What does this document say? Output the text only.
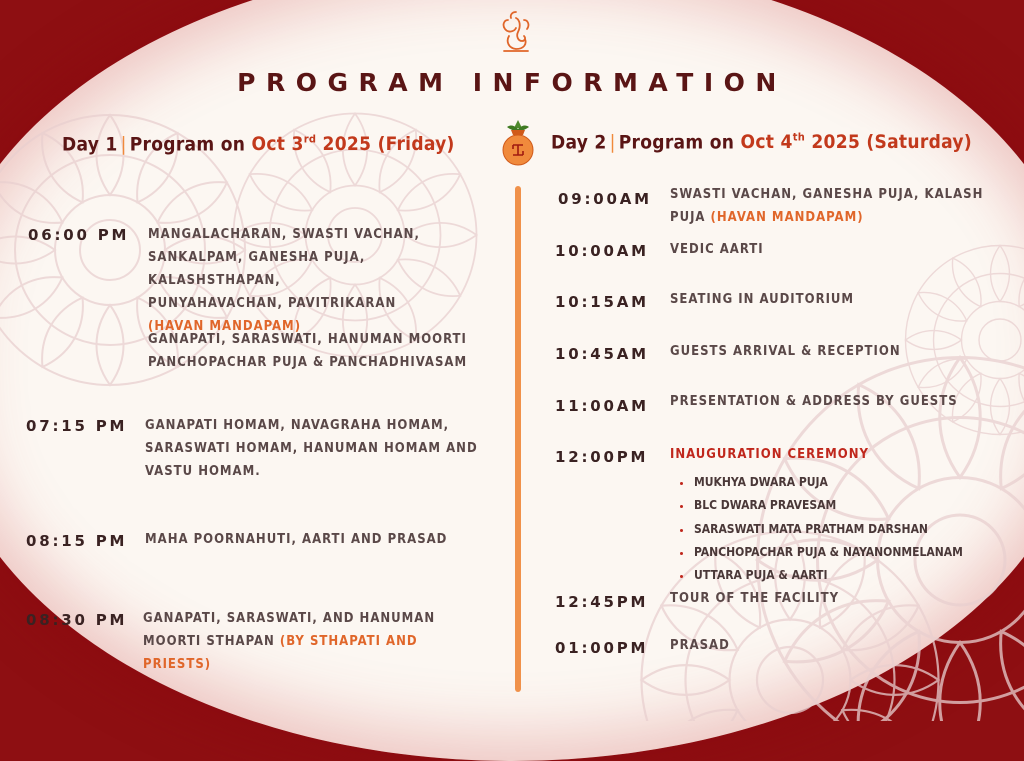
PROGRAM INFORMATION
Day 1 | Program on Oct 3rd 2025 (Friday)	Day 2 | Program on Oct 4th 2025 (Saturday)
06:00 PM MANGALACHARAN, SWASTI VACHAN,
SANKALPAM, GANESHA PUJA, KALASHSTHAPAN,
PUNYAHAVACHAN, PAVITRIKARAN
(HAVAN MANDAPAM)

GANAPATI, SARASWATI, HANUMAN MOORTI
PANCHOPACHAR PUJA & PANCHADHIVASAM

07:15 PM GANAPATI HOMAM, NAVAGRAHA HOMAM,
SARASWATI HOMAM, HANUMAN HOMAM AND
VASTU HOMAM.

08:15 PM MAHA POORNAHUTI, AARTI AND PRASAD

08:30 PM GANAPATI, SARASWATI, AND HANUMAN
MOORTI STHAPAN (BY STHAPATI AND PRIESTS)

09:00AM SWASTI VACHAN, GANESHA PUJA, KALASH
PUJA (HAVAN MANDAPAM)

10:00AM VEDIC AARTI

10:15AM SEATING IN AUDITORIUM

10:45AM GUESTS ARRIVAL & RECEPTION

11:00AM PRESENTATION & ADDRESS BY GUESTS

12:00PM INAUGURATION CEREMONY

• MUKHYA DWARA PUJA
• BLC DWARA PRAVESAM
• SARASWATI MATA PRATHAM DARSHAN
• PANCHOPACHAR PUJA & NAYANONMELANAM
• UTTARA PUJA & AARTI
12:45PM TOUR OF THE FACILITY

01:00PM PRASAD
